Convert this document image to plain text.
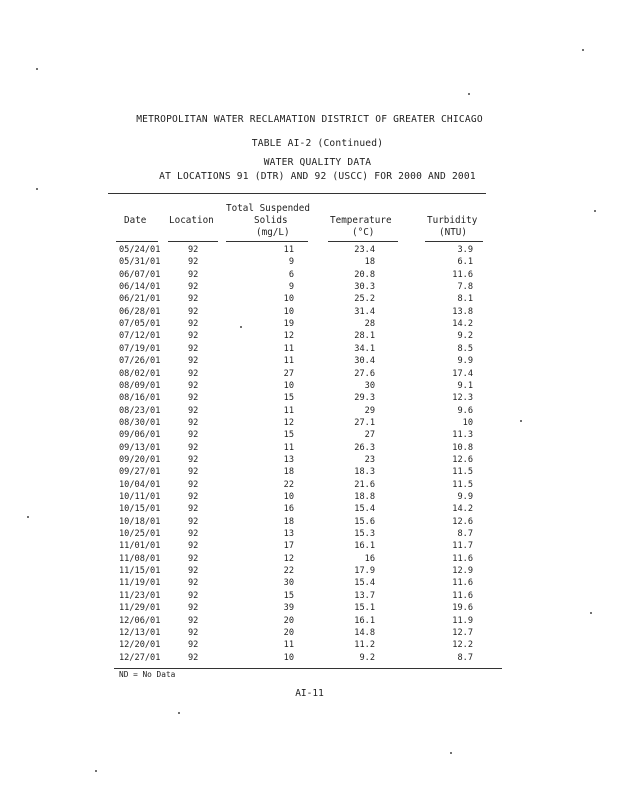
METROPOLITAN WATER RECLAMATION DISTRICT OF GREATER CHICAGO
TABLE AI-2 (Continued)
WATER QUALITY DATA
AT LOCATIONS 91 (DTR) AND 92 (USCC) FOR 2000 AND 2001
Total Suspended
Date Location	Solids	Temperature	Turbidity
(mg/L)	(°C)	(NTU)
05/24/01	92	11	23.4	3.9
05/31/01	92	9	18	6.1
06/07/01	92	6	20.8	11.6
06/14/01	92	9	30.3	7.8
06/21/01	92	10	25.2	8.1
06/28/01	92	10	31.4	13.8
07/05/01	92	19	28	14.2
07/12/01	92	12	28.1	9.2
07/19/01	92	11	34.1	8.5
07/26/01	92	11	30.4	9.9
08/02/01	92	27	27.6	17.4
08/09/01	92	10	30	9.1
08/16/01	92	15	29.3	12.3
08/23/01	92	11	29	9.6
08/30/01	92	12	27.1	10
09/06/01	92	15	27	11.3
09/13/01	92	11	26.3	10.8
09/20/01	92	13	23	12.6
09/27/01	92	18	18.3	11.5
10/04/01	92	22	21.6	11.5
10/11/01	92	10	18.8	9.9
10/15/01	92	16	15.4	14.2
10/18/01	92	18	15.6	12.6
10/25/01	92	13	15.3	8.7
11/01/01	92	17	16.1	11.7
11/08/01	92	12	16	11.6
11/15/01	92	22	17.9	12.9
11/19/01	92	30	15.4	11.6
11/23/01	92	15	13.7	11.6
11/29/01	92	39	15.1	19.6
12/06/01	92	20	16.1	11.9
12/13/01	92	20	14.8	12.7
12/20/01	92	11	11.2	12.2
12/27/01	92	10	9.2	8.7
ND = No Data
AI-11
